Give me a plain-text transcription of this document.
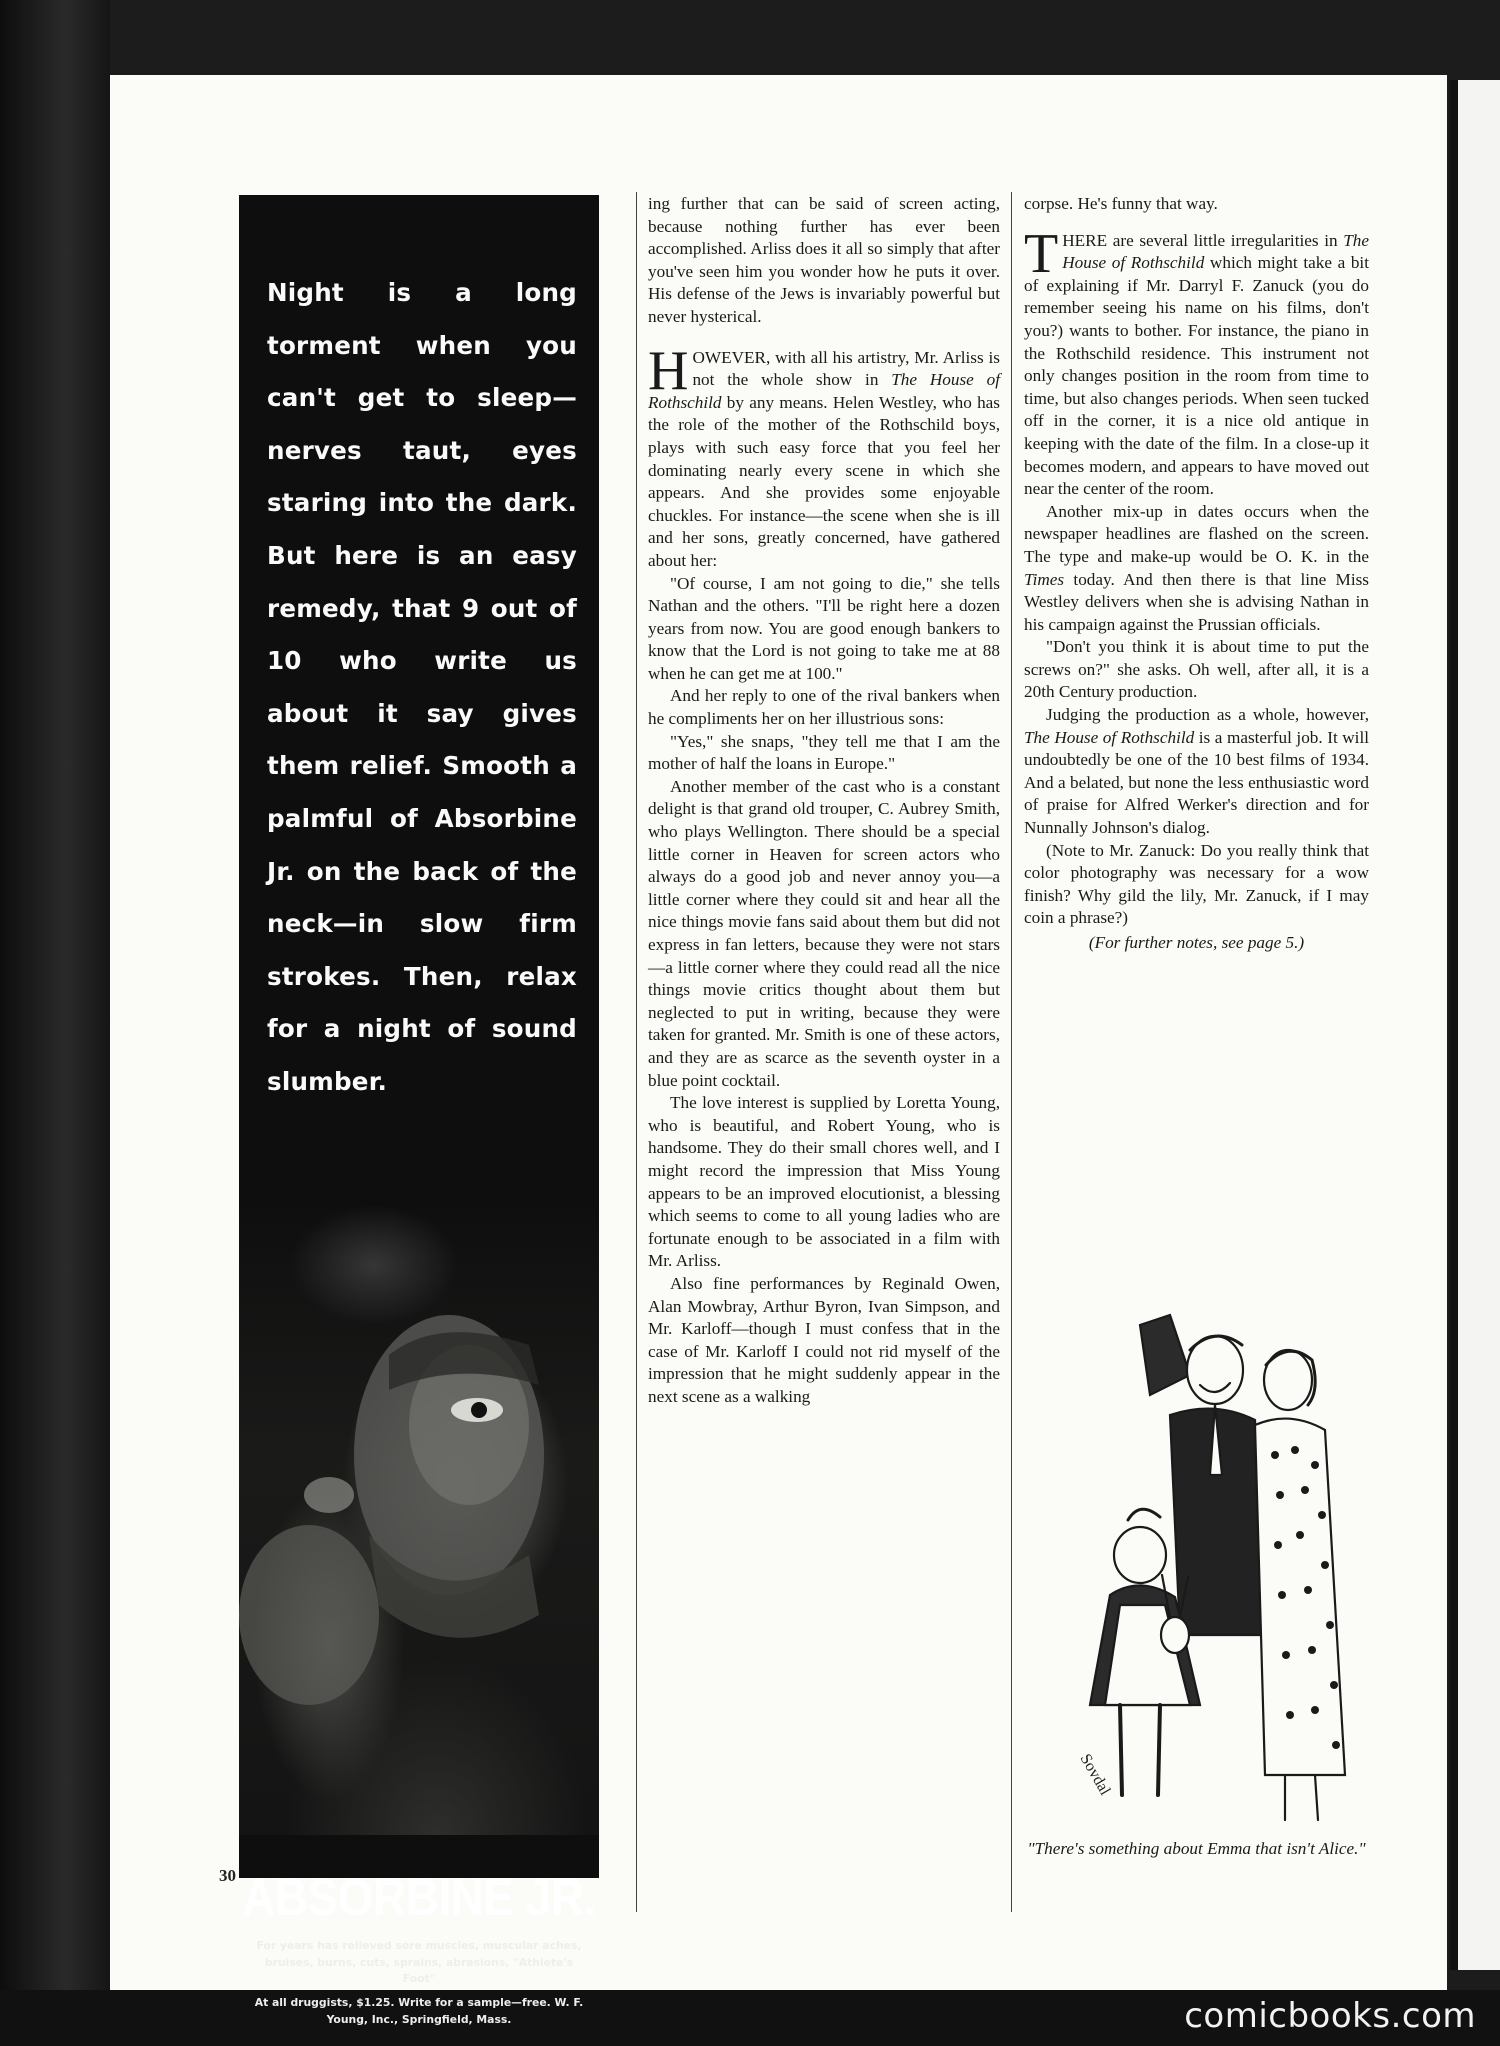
comicbooks.com

Night is a long torment when you can't get to sleep—nerves taut, eyes staring into the dark. But here is an easy remedy, that 9 out of 10 who write us about it say gives them relief. Smooth a palmful of Absorbine Jr. on the back of the neck—in slow firm strokes. Then, relax for a night of sound slumber.

ABSORBINE JR.

For years has relieved sore muscles, muscular aches, bruises, burns, cuts, sprains, abrasions, "Athlete's Foot"

At all druggists, $1.25. Write for a sample—free. W. F. Young, Inc., Springfield, Mass.

ing further that can be said of screen acting, because nothing further has ever been accomplished. Arliss does it all so simply that after you've seen him you wonder how he puts it over. His defense of the Jews is invariably powerful but never hysterical.

HOWEVER, with all his artistry, Mr. Arliss is not the whole show in The House of Rothschild by any means. Helen Westley, who has the role of the mother of the Rothschild boys, plays with such easy force that you feel her dominating nearly every scene in which she appears. And she provides some enjoyable chuckles. For instance—the scene when she is ill and her sons, greatly concerned, have gathered about her:

"Of course, I am not going to die," she tells Nathan and the others. "I'll be right here a dozen years from now. You are good enough bankers to know that the Lord is not going to take me at 88 when he can get me at 100."

And her reply to one of the rival bankers when he compliments her on her illustrious sons:

"Yes," she snaps, "they tell me that I am the mother of half the loans in Europe."

Another member of the cast who is a constant delight is that grand old trouper, C. Aubrey Smith, who plays Wellington. There should be a special little corner in Heaven for screen actors who always do a good job and never annoy you—a little corner where they could sit and hear all the nice things movie fans said about them but did not express in fan letters, because they were not stars—a little corner where they could read all the nice things movie critics thought about them but neglected to put in writing, because they were taken for granted. Mr. Smith is one of these actors, and they are as scarce as the seventh oyster in a blue point cocktail.

The love interest is supplied by Loretta Young, who is beautiful, and Robert Young, who is handsome. They do their small chores well, and I might record the impression that Miss Young appears to be an improved elocutionist, a blessing which seems to come to all young ladies who are fortunate enough to be associated in a film with Mr. Arliss.

Also fine performances by Reginald Owen, Alan Mowbray, Arthur Byron, Ivan Simpson, and Mr. Karloff—though I must confess that in the case of Mr. Karloff I could not rid myself of the impression that he might suddenly appear in the next scene as a walking

corpse. He's funny that way.

THERE are several little irregularities in The House of Rothschild which might take a bit of explaining if Mr. Darryl F. Zanuck (you do remember seeing his name on his films, don't you?) wants to bother. For instance, the piano in the Rothschild residence. This instrument not only changes position in the room from time to time, but also changes periods. When seen tucked off in the corner, it is a nice old antique in keeping with the date of the film. In a close-up it becomes modern, and appears to have moved out near the center of the room.

Another mix-up in dates occurs when the newspaper headlines are flashed on the screen. The type and make-up would be O. K. in the Times today. And then there is that line Miss Westley delivers when she is advising Nathan in his campaign against the Prussian officials.

"Don't you think it is about time to put the screws on?" she asks. Oh well, after all, it is a 20th Century production.

Judging the production as a whole, however, The House of Rothschild is a masterful job. It will undoubtedly be one of the 10 best films of 1934. And a belated, but none the less enthusiastic word of praise for Alfred Werker's direction and for Nunnally Johnson's dialog.

(Note to Mr. Zanuck: Do you really think that color photography was necessary for a wow finish? Why gild the lily, Mr. Zanuck, if I may coin a phrase?)

(For further notes, see page 5.)

Sovdal

"There's something about Emma that isn't Alice."

30
